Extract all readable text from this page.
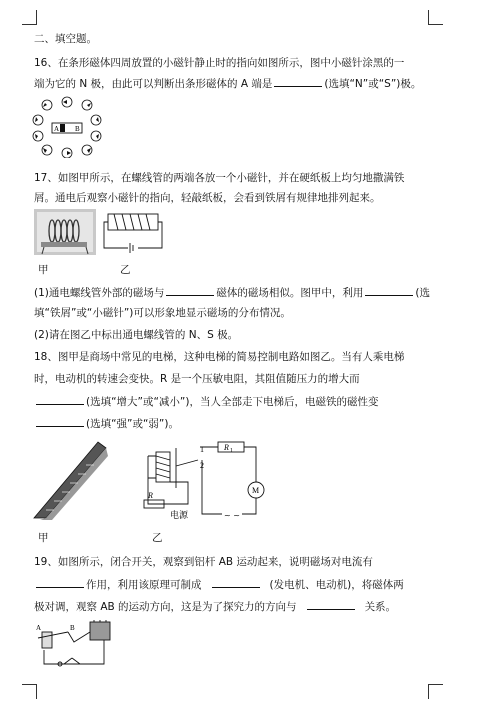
二、填空题。
16、在条形磁体四周放置的小磁针静止时的指向如图所示，图中小磁针涂黑的一
端为它的 N 极，由此可以判断出条形磁体的 A 端是	(选填“N”或“S”)极。
A B
17、如图甲所示，在螺线管的两端各放一个小磁针，并在硬纸板上均匀地撒满铁
屑。通电后观察小磁针的指向，轻敲纸板，会看到铁屑有规律地排列起来。
甲	乙
(1)通电螺线管外部的磁场与	磁体的磁场相似。图甲中，利用	(选
填“铁屑”或“小磁针”)可以形象地显示磁场的分布情况。
(2)请在图乙中标出通电螺线管的 N、S 极。
18、图甲是商场中常见的电梯，这种电梯的简易控制电路如图乙。当有人乘电梯
时，电动机的转速会变快。R 是一个压敏电阻，其阻值随压力的增大而
(选填“增大”或“减小”)，当人全部走下电梯后，电磁铁的磁性变
(选填“强”或“弱”)。
1
2
R 1
M
R
电源	~ ~
甲	乙
19、如图所示，闭合开关，观察到铝杆 AB 运动起来，说明磁场对电流有
作用，利用该原理可制成	(发电机、电动机)，将磁体两
极对调，观察 AB 的运动方向，这是为了探究力的方向与	关系。
A	B
